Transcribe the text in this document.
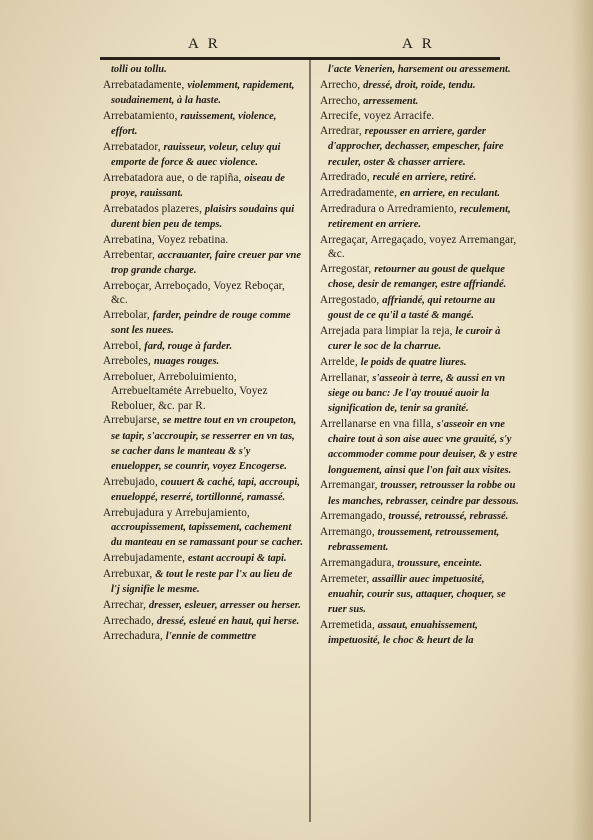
A R	A R

tolli ou tollu.

Arrebatadamente, violemment, rapidement, soudainement, à la haste.

Arrebatamiento, rauissement, violence, effort.

Arrebatador, rauisseur, voleur, celuy qui emporte de force & auec violence.

Arrebatadora aue, o de rapiña, oiseau de proye, rauissant.

Arrebatados plazeres, plaisirs soudains qui durent bien peu de temps.

Arrebatina, Voyez rebatina.

Arrebentar, accrauanter, faire creuer par vne trop grande charge.

Arreboçar, Arreboçado, Voyez Reboçar, &c.

Arrebolar, farder, peindre de rouge comme sont les nuees.

Arrebol, fard, rouge à farder.

Arreboles, nuages rouges.

Arreboluer, Arreboluimiento, Arrebueltaméte Arrebuelto, Voyez Reboluer, &c. par R.

Arrebujarse, se mettre tout en vn croupeton, se tapir, s'accroupir, se resserrer en vn tas, se cacher dans le manteau & s'y enuelopper, se counrir, voyez Encogerse.

Arrebujado, couuert & caché, tapi, accroupi, enueloppé, reserré, tortillonné, ramassé.

Arrebujadura y Arrebujamiento, accroupissement, tapissement, cachement du manteau en se ramassant pour se cacher.

Arrebujadamente, estant accroupi & tapi.

Arrebuxar, & tout le reste par l'x au lieu de l'j signifie le mesme.

Arrechar, dresser, esleuer, arresser ou herser.

Arrechado, dressé, esleué en haut, qui herse.

Arrechadura, l'ennie de commettre

l'acte Venerien, harsement ou aressement.

Arrecho, dressé, droit, roide, tendu.

Arrecho, arressement.

Arrecife, voyez Arracife.

Arredrar, repousser en arriere, garder d'approcher, dechasser, empescher, faire reculer, oster & chasser arriere.

Arredrado, reculé en arriere, retiré.

Arredradamente, en arriere, en reculant.

Arredradura o Arredramiento, reculement, retirement en arriere.

Arregaçar, Arregaçado, voyez Arremangar, &c.

Arregostar, retourner au goust de quelque chose, desir de remanger, estre affriandé.

Arregostado, affriandé, qui retourne au goust de ce qu'il a tasté & mangé.

Arrejada para limpiar la reja, le curoir à curer le soc de la charrue.

Arrelde, le poids de quatre liures.

Arrellanar, s'asseoir à terre, & aussi en vn siege ou banc: Je l'ay trouué auoir la signification de, tenir sa granité.

Arrellanarse en vna filla, s'asseoir en vne chaire tout à son aise auec vne grauité, s'y accommoder comme pour deuiser, & y estre longuement, ainsi que l'on fait aux visites.

Arremangar, trousser, retrousser la robbe ou les manches, rebrasser, ceindre par dessous.

Arremangado, troussé, retroussé, rebrassé.

Arremango, troussement, retroussement, rebrassement.

Arremangadura, troussure, enceinte.

Arremeter, assaillir auec impetuosité, enuahir, courir sus, attaquer, choquer, se ruer sus.

Arremetida, assaut, enuahissement, impetuosité, le choc & heurt de la
